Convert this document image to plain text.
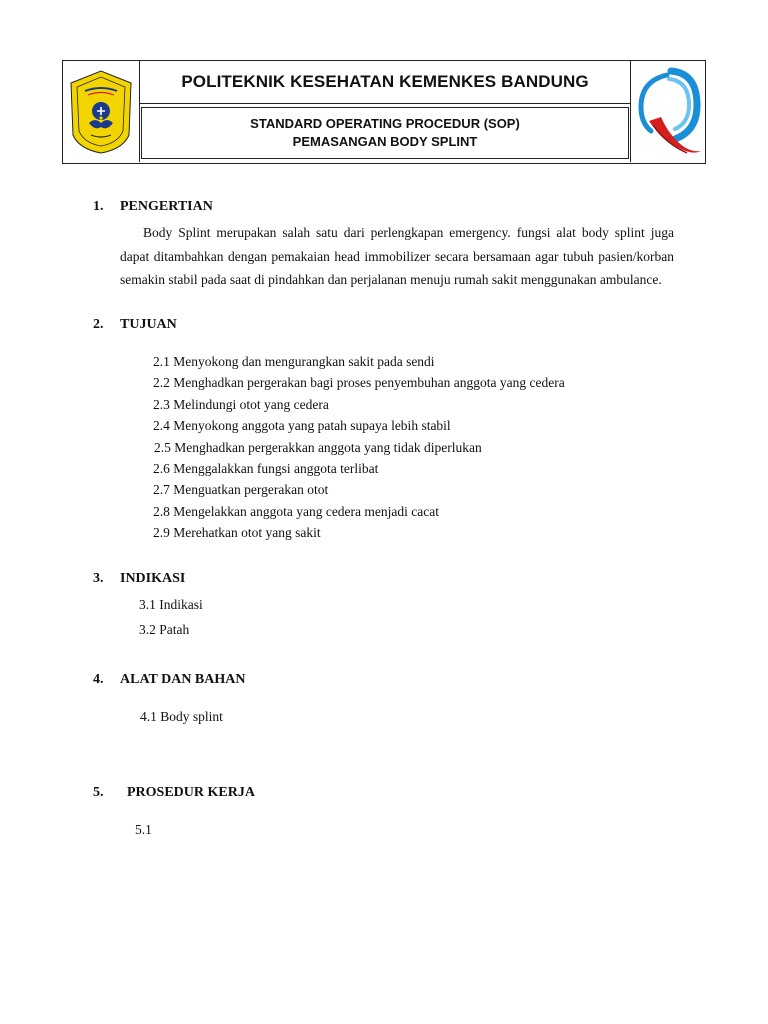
POLITEKNIK KESEHATAN KEMENKES BANDUNG
STANDARD OPERATING PROCEDUR (SOP)
PEMASANGAN BODY SPLINT
1. PENGERTIAN
Body Splint merupakan salah satu dari perlengkapan emergency. fungsi alat body splint juga dapat ditambahkan dengan pemakaian head immobilizer secara bersamaan agar tubuh pasien/korban semakin stabil pada saat di pindahkan dan perjalanan menuju rumah sakit menggunakan ambulance.
2. TUJUAN
2.1 Menyokong dan mengurangkan sakit pada sendi
2.2 Menghadkan pergerakan bagi proses penyembuhan anggota yang cedera
2.3 Melindungi otot yang cedera
2.4 Menyokong anggota yang patah supaya lebih stabil
2.5 Menghadkan pergerakkan anggota yang tidak diperlukan
2.6 Menggalakkan fungsi anggota terlibat
2.7 Menguatkan pergerakan otot
2.8 Mengelakkan anggota yang cedera menjadi cacat
2.9 Merehatkan otot yang sakit
3. INDIKASI
3.1 Indikasi
3.2 Patah
4. ALAT DAN BAHAN
4.1 Body splint
5. PROSEDUR KERJA
5.1
